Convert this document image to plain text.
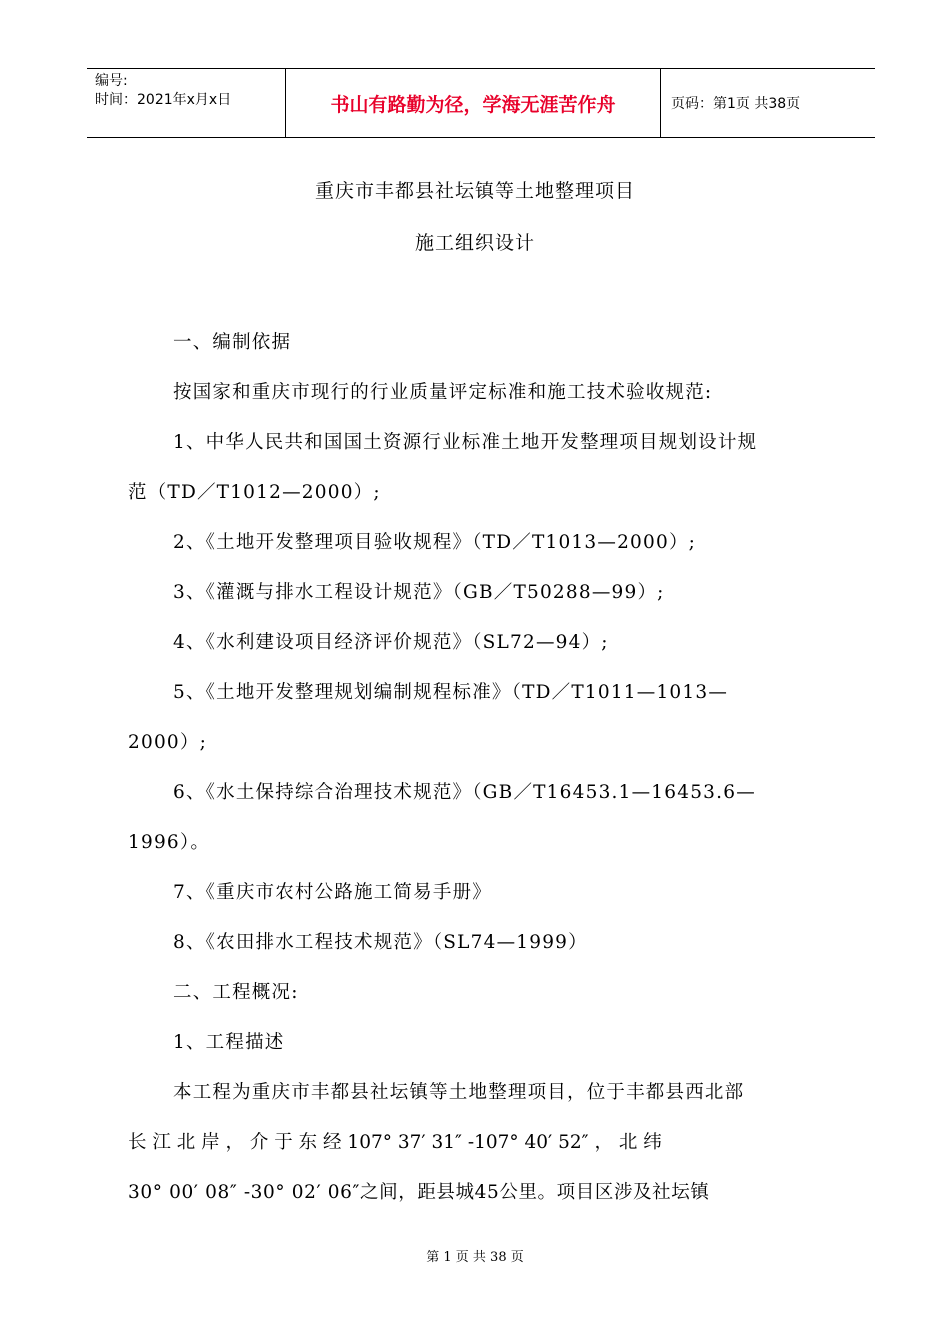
编号:
时间：2021年x月x日	书山有路勤为径，学海无涯苦作舟	页码：第1页 共38页
重庆市丰都县社坛镇等土地整理项目
施工组织设计
一、编制依据
按国家和重庆市现行的行业质量评定标准和施工技术验收规范:
1、中华人民共和国国土资源行业标准土地开发整理项目规划设计规
范（TD／T1012—2000）;
2、《土地开发整理项目验收规程》（TD／T1013—2000）;
3、《灌溉与排水工程设计规范》（GB／T50288—99）;
4、《水利建设项目经济评价规范》（SL72—94）;
5、《土地开发整理规划编制规程标准》（TD／T1011—1013—
2000）;
6、《水土保持综合治理技术规范》（GB／T16453.1—16453.6—
1996）。
7、《重庆市农村公路施工简易手册》
8、《农田排水工程技术规范》（SL74—1999）
二、工程概况:
1、工程描述
本工程为重庆市丰都县社坛镇等土地整理项目，位于丰都县西北部
长 江 北 岸 ， 介 于 东 经 107° 37′ 31″ -107° 40′ 52″ ， 北 纬
30° 00′ 08″ -30° 02′ 06″之间，距县城45公里。项目区涉及社坛镇
第 1 页 共 38 页
